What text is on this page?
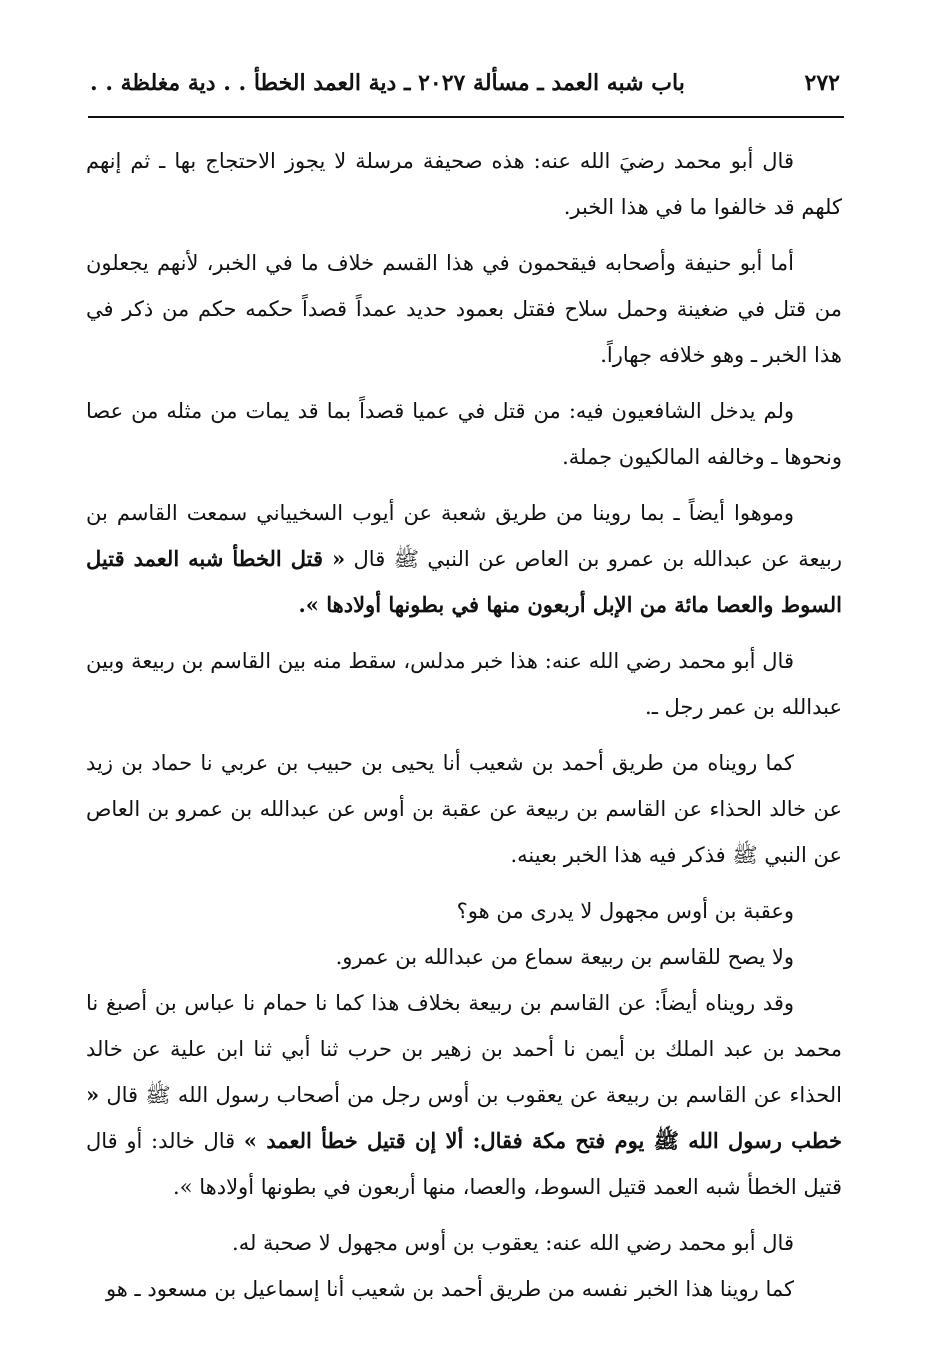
٢٧٢
باب شبه العمد ـ مسألة ٢٠٢٧ ـ دية العمد الخطأ . . دية مغلظة . .

قال أبو محمد رضيَ الله عنه: هذه صحيفة مرسلة لا يجوز الاحتجاج بها ـ ثم إنهم كلهم قد خالفوا ما في هذا الخبر.

أما أبو حنيفة وأصحابه فيقحمون في هذا القسم خلاف ما في الخبر، لأنهم يجعلون من قتل في ضغينة وحمل سلاح فقتل بعمود حديد عمداً قصداً حكمه حكم من ذكر في هذا الخبر ـ وهو خلافه جهاراً.

ولم يدخل الشافعيون فيه: من قتل في عميا قصداً بما قد يمات من مثله من عصا ونحوها ـ وخالفه المالكيون جملة.

وموهوا أيضاً ـ بما روينا من طريق شعبة عن أيوب السخيياني سمعت القاسم بن ربيعة عن عبدالله بن عمرو بن العاص عن النبي ﷺ قال « قتل الخطأ شبه العمد قتيل السوط والعصا مائة من الإبل أربعون منها في بطونها أولادها ».

قال أبو محمد رضي الله عنه: هذا خبر مدلس، سقط منه بين القاسم بن ربيعة وبين عبدالله بن عمر رجل ـ.

كما رويناه من طريق أحمد بن شعيب أنا يحيى بن حبيب بن عربي نا حماد بن زيد عن خالد الحذاء عن القاسم بن ربيعة عن عقبة بن أوس عن عبدالله بن عمرو بن العاص عن النبي ﷺ فذكر فيه هذا الخبر بعينه.

وعقبة بن أوس مجهول لا يدرى من هو؟

ولا يصح للقاسم بن ربيعة سماع من عبدالله بن عمرو.

وقد رويناه أيضاً: عن القاسم بن ربيعة بخلاف هذا كما نا حمام نا عباس بن أصبغ نا محمد بن عبد الملك بن أيمن نا أحمد بن زهير بن حرب ثنا أبي ثنا ابن علية عن خالد الحذاء عن القاسم بن ربيعة عن يعقوب بن أوس رجل من أصحاب رسول الله ﷺ قال « خطب رسول الله ﷺ يوم فتح مكة فقال: ألا إن قتيل خطأ العمد » قال خالد: أو قال قتيل الخطأ شبه العمد قتيل السوط، والعصا، منها أربعون في بطونها أولادها ».

قال أبو محمد رضي الله عنه: يعقوب بن أوس مجهول لا صحبة له.

كما روينا هذا الخبر نفسه من طريق أحمد بن شعيب أنا إسماعيل بن مسعود ـ هو
